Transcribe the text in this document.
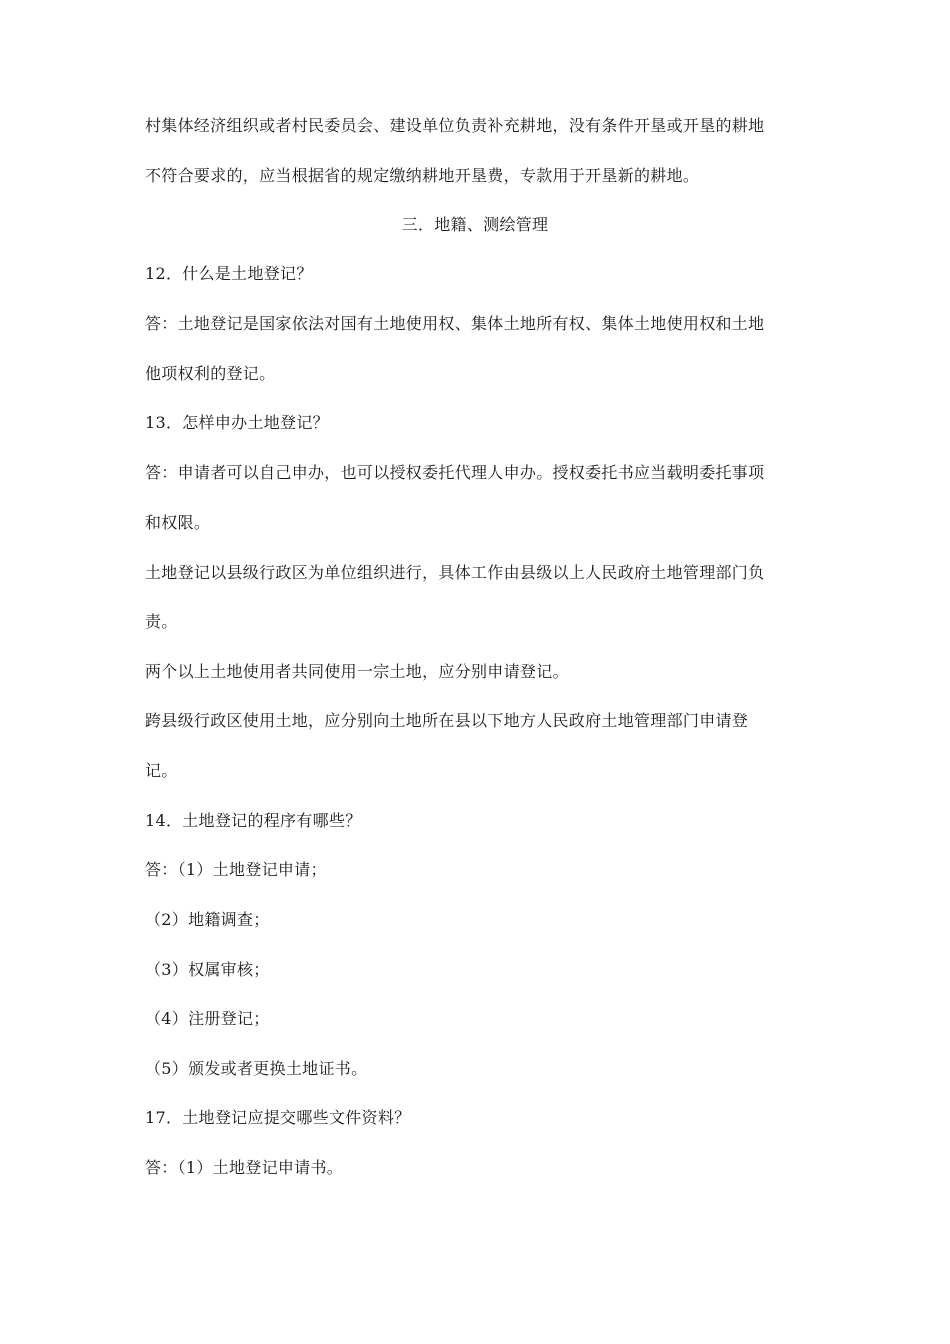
村集体经济组织或者村民委员会、建设单位负责补充耕地，没有条件开垦或开垦的耕地
不符合要求的，应当根据省的规定缴纳耕地开垦费，专款用于开垦新的耕地。
三．地籍、测绘管理
12．什么是土地登记？
答：土地登记是国家依法对国有土地使用权、集体土地所有权、集体土地使用权和土地
他项权利的登记。
13．怎样申办土地登记？
答：申请者可以自己申办，也可以授权委托代理人申办。授权委托书应当载明委托事项
和权限。
土地登记以县级行政区为单位组织进行，具体工作由县级以上人民政府土地管理部门负
责。
两个以上土地使用者共同使用一宗土地，应分别申请登记。
跨县级行政区使用土地，应分别向土地所在县以下地方人民政府土地管理部门申请登
记。
14．土地登记的程序有哪些？
答：（1）土地登记申请；
（2）地籍调查；
（3）权属审核；
（4）注册登记；
（5）颁发或者更换土地证书。
17．土地登记应提交哪些文件资料？
答：（1）土地登记申请书。
